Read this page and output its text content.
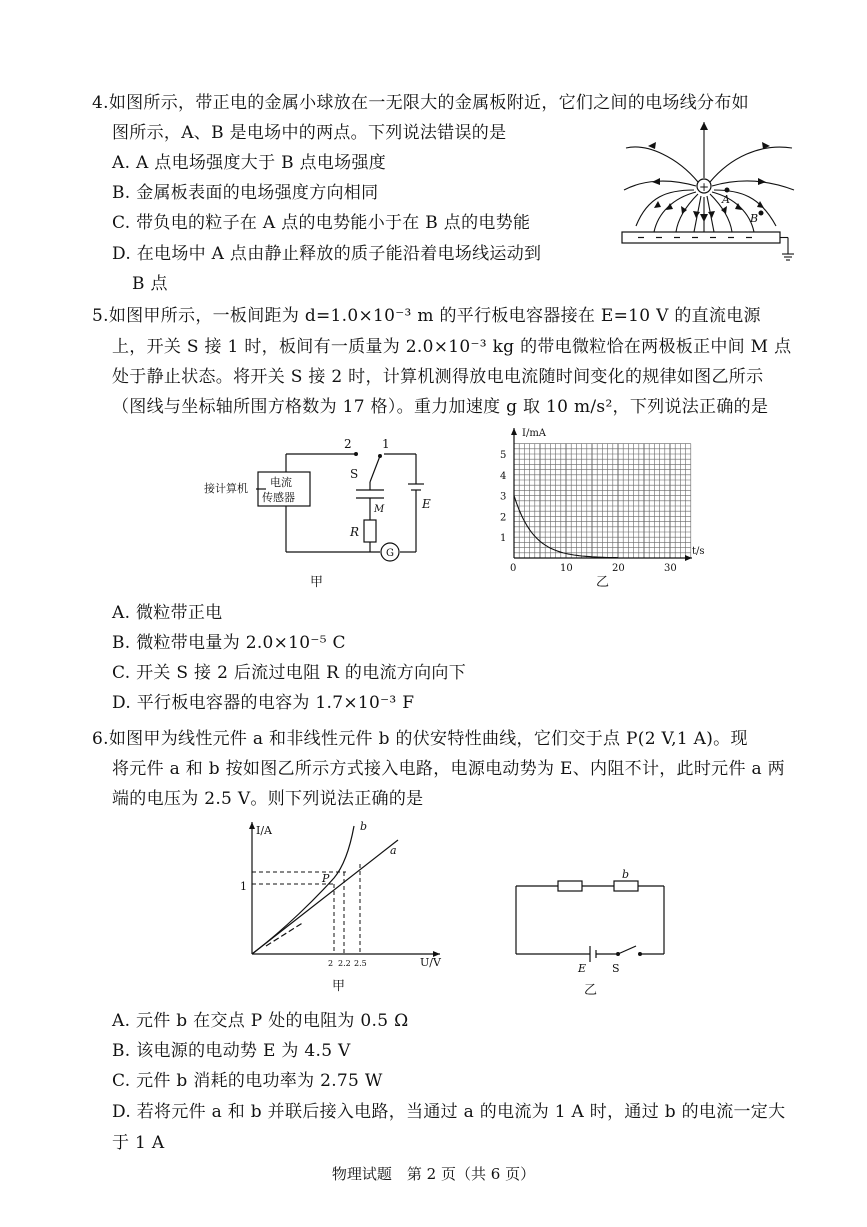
4.如图所示，带正电的金属小球放在一无限大的金属板附近，它们之间的电场线分布如
图所示，A、B 是电场中的两点。下列说法错误的是
A. A 点电场强度大于 B 点电场强度
B. 金属板表面的电场强度方向相同
C. 带负电的粒子在 A 点的电势能小于在 B 点的电势能
D. 在电场中 A 点由静止释放的质子能沿着电场线运动到
B 点
+
A
B
5.如图甲所示，一板间距为 d=1.0×10⁻³ m 的平行板电容器接在 E=10 V 的直流电源
上，开关 S 接 1 时，板间有一质量为 2.0×10⁻³ kg 的带电微粒恰在两极板正中间 M 点
处于静止状态。将开关 S 接 2 时，计算机测得放电电流随时间变化的规律如图乙所示
（图线与坐标轴所围方格数为 17 格）。重力加速度 g 取 10 m/s²，下列说法正确的是
2	1
S
M	E
R
G
接计算机 电流
传感器
甲
I/mA
t/s
1
2
3
4
5
0	10	20	30
乙
A. 微粒带正电
B. 微粒带电量为 2.0×10⁻⁵ C
C. 开关 S 接 2 后流过电阻 R 的电流方向向下
D. 平行板电容器的电容为 1.7×10⁻³ F
6.如图甲为线性元件 a 和非线性元件 b 的伏安特性曲线，它们交于点 P(2 V,1 A)。现
将元件 a 和 b 按如图乙所示方式接入电路，电源电动势为 E、内阻不计，此时元件 a 两
端的电压为 2.5 V。则下列说法正确的是
I/A
U/V
1
2 2.2 2.5
P
a
b
甲
b
E S
乙
A. 元件 b 在交点 P 处的电阻为 0.5 Ω
B. 该电源的电动势 E 为 4.5 V
C. 元件 b 消耗的电功率为 2.75 W
D. 若将元件 a 和 b 并联后接入电路，当通过 a 的电流为 1 A 时，通过 b 的电流一定大
于 1 A
物理试题　第 2 页（共 6 页）
